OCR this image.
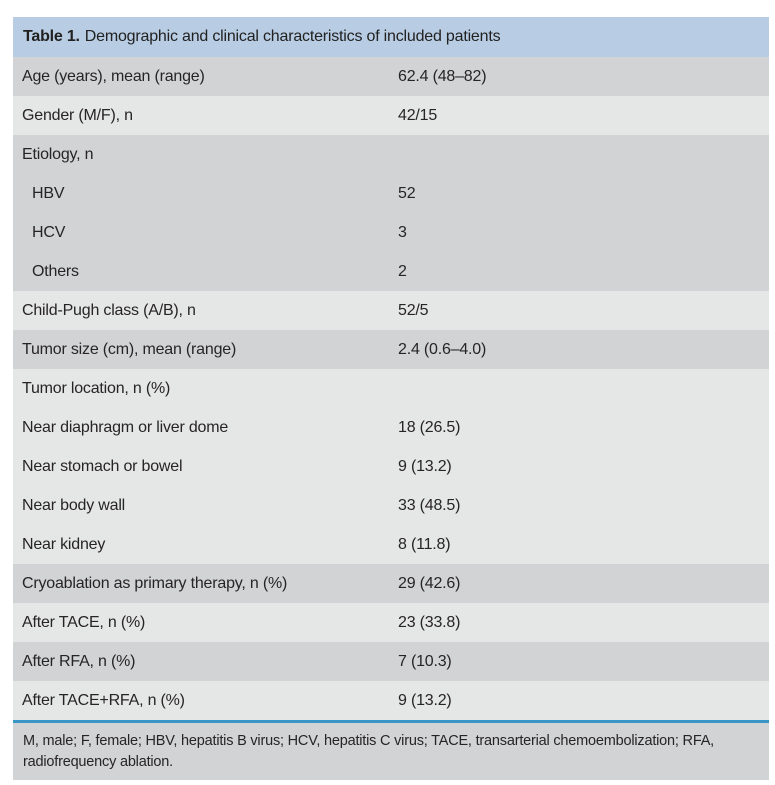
Table 1. Demographic and clinical characteristics of included patients
Age (years), mean (range)	62.4 (48–82)
Gender (M/F), n	42/15
Etiology, n
HBV	52
HCV	3
Others	2
Child-Pugh class (A/B), n	52/5
Tumor size (cm), mean (range)	2.4 (0.6–4.0)
Tumor location, n (%)
Near diaphragm or liver dome	18 (26.5)
Near stomach or bowel	9 (13.2)
Near body wall	33 (48.5)
Near kidney	8 (11.8)
Cryoablation as primary therapy, n (%)	29 (42.6)
After TACE, n (%)	23 (33.8)
After RFA, n (%)	7 (10.3)
After TACE+RFA, n (%)	9 (13.2)
M, male; F, female; HBV, hepatitis B virus; HCV, hepatitis C virus; TACE, transarterial chemoembolization; RFA,
radiofrequency ablation.
